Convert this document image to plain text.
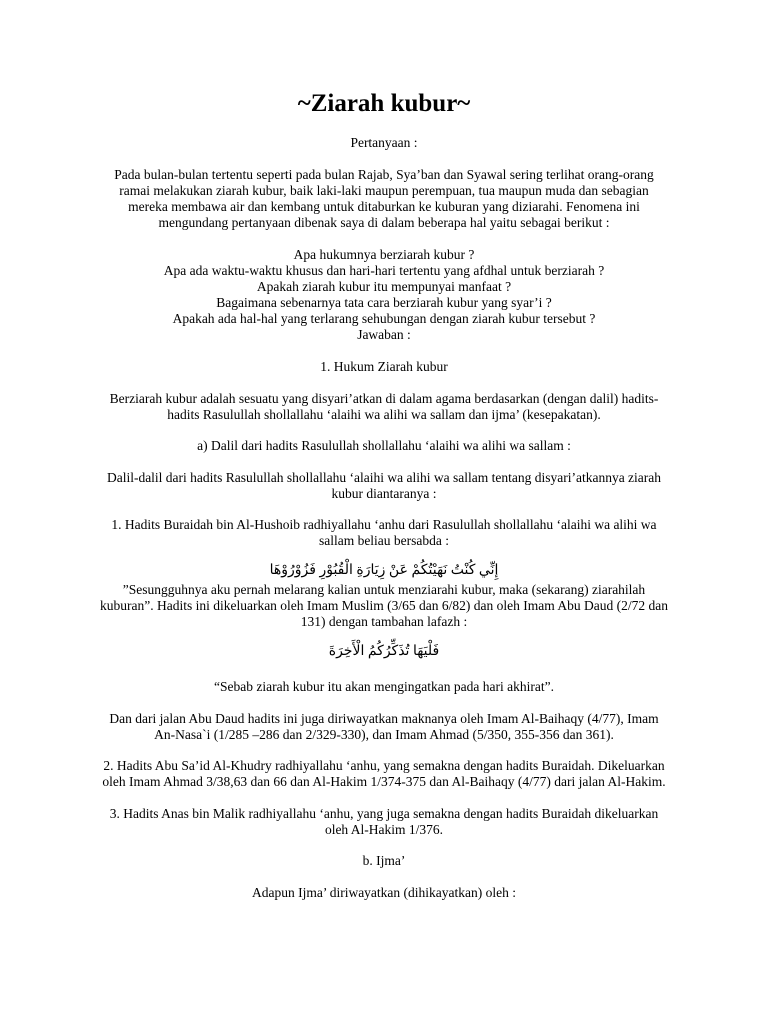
~Ziarah kubur~

Pertanyaan :

Pada bulan-bulan tertentu seperti pada bulan Rajab, Sya’ban dan Syawal sering terlihat orang-orang

ramai melakukan ziarah kubur, baik laki-laki maupun perempuan, tua maupun muda dan sebagian

mereka membawa air dan kembang untuk ditaburkan ke kuburan yang diziarahi. Fenomena ini

mengundang pertanyaan dibenak saya di dalam beberapa hal yaitu sebagai berikut :

Apa hukumnya berziarah kubur ?

Apa ada waktu-waktu khusus dan hari-hari tertentu yang afdhal untuk berziarah ?

Apakah ziarah kubur itu mempunyai manfaat ?

Bagaimana sebenarnya tata cara berziarah kubur yang syar’i ?

Apakah ada hal-hal yang terlarang sehubungan dengan ziarah kubur tersebut ?

Jawaban :

1. Hukum Ziarah kubur

Berziarah kubur adalah sesuatu yang disyari’atkan di dalam agama berdasarkan (dengan dalil) hadits-

hadits Rasulullah shollallahu ‘alaihi wa alihi wa sallam dan ijma’ (kesepakatan).

a) Dalil dari hadits Rasulullah shollallahu ‘alaihi wa alihi wa sallam :

Dalil-dalil dari hadits Rasulullah shollallahu ‘alaihi wa alihi wa sallam tentang disyari’atkannya ziarah

kubur diantaranya :

1. Hadits Buraidah bin Al-Hushoib radhiyallahu ‘anhu dari Rasulullah shollallahu ‘alaihi wa alihi wa

sallam beliau bersabda :

إِنِّي كُنْتُ نَهَيْتُكُمْ عَنْ زِيَارَةِ الْقُبُوْرِ فَزُوْرُوْهَا

”Sesungguhnya aku pernah melarang kalian untuk menziarahi kubur, maka (sekarang) ziarahilah

kuburan”. Hadits ini dikeluarkan oleh Imam Muslim (3/65 dan 6/82) dan oleh Imam Abu Daud (2/72 dan

131) dengan tambahan lafazh :

فَلْيَهَا تُذَكِّرُكُمُ الْأَخِرَةَ

“Sebab ziarah kubur itu akan mengingatkan pada hari akhirat”.

Dan dari jalan Abu Daud hadits ini juga diriwayatkan maknanya oleh Imam Al-Baihaqy (4/77), Imam

An-Nasa`i (1/285 –286 dan 2/329-330), dan Imam Ahmad (5/350, 355-356 dan 361).

2. Hadits Abu Sa’id Al-Khudry radhiyallahu ‘anhu, yang semakna dengan hadits Buraidah. Dikeluarkan

oleh Imam Ahmad 3/38,63 dan 66 dan Al-Hakim 1/374-375 dan Al-Baihaqy (4/77) dari jalan Al-Hakim.

3. Hadits Anas bin Malik radhiyallahu ‘anhu, yang juga semakna dengan hadits Buraidah dikeluarkan

oleh Al-Hakim 1/376.

b. Ijma’

Adapun Ijma’ diriwayatkan (dihikayatkan) oleh :
